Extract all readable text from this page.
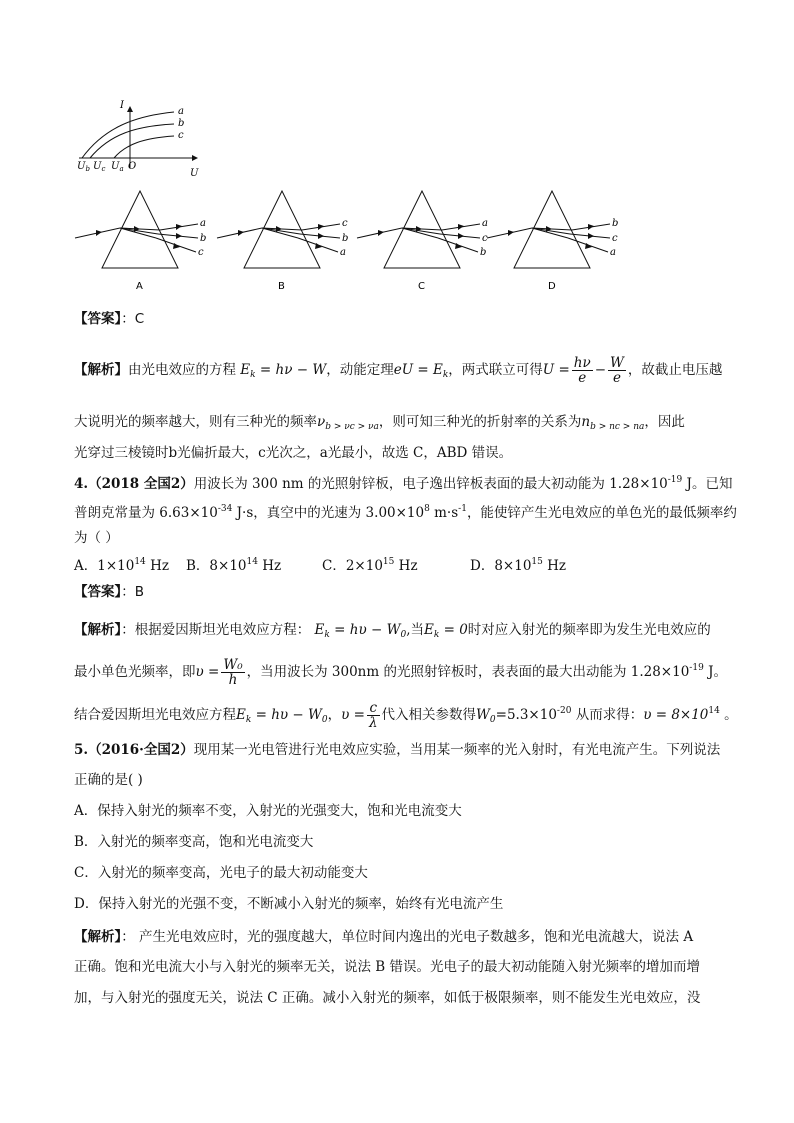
I
U
O
a
b
c
$U_b$ $U_c$ $U_a$
a
b
c
A
c
b
a
B
a
c
b
C
b
c
a
D
【答案】：C
【解析】由光电效应的方程 $E_k = h\nu - W$，动能定理eU = $E_k$，两式联立可得$U = \frac{h\nu}{e} - \frac{W}{e}$ ，故截止电压越
大说明光的频率越大，则有三种光的频率$\nu_{b > \nu c > \nu a}$，则可知三种光的折射率的关系为$n_{b > nc > na}$，因此
光穿过三棱镜时b光偏折最大，c光次之，a光最小，故选 C，ABD 错误。
4.（2018 全国2）用波长为 300 nm 的光照射锌板，电子逸出锌板表面的最大初动能为 $1.28\times 10^{-19}$ J。已知
普朗克常量为 $6.63\times 10^{-34}$ J·s，真空中的光速为 $3.00\times 10^8$ $m\cdot s^{-1}$，能使锌产生光电效应的单色光的最低频率约
为（ ）
A．$1\times 10^{14}$ Hz B．$8\times 10^{14}$ Hz	C．$2\times 10^{15}$ Hz	D．$8\times 10^{15}$ Hz
【答案】：B
【解析】：根据爱因斯坦光电效应方程： $E_k = h\upsilon - W_0$,当$E_k = 0$时对应入射光的频率即为发生光电效应的
最小单色光频率，即$\upsilon = \frac{\text{W₀}}{h}$ ，当用波长为 300nm 的光照射锌板时，表表面的最大出动能为 $1.28\times 10^{-19}$ J。
结合爱因斯坦光电效应方程$E_k = h\upsilon - W_0$，$\upsilon = \frac{c}{\lambda}$ 代入相关参数得$W_0=5.3\times 10^{-20}$ 从而求得：$\upsilon = 8\times 10^{14}$ 。
5.（2016·全国2）现用某一光电管进行光电效应实验，当用某一频率的光入射时，有光电流产生。下列说法
正确的是( )
A．保持入射光的频率不变，入射光的光强变大，饱和光电流变大
B．入射光的频率变高，饱和光电流变大
C．入射光的频率变高，光电子的最大初动能变大
D．保持入射光的光强不变，不断减小入射光的频率，始终有光电流产生
【解析】： 产生光电效应时，光的强度越大，单位时间内逸出的光电子数越多，饱和光电流越大，说法 A
正确。饱和光电流大小与入射光的频率无关，说法 B 错误。光电子的最大初动能随入射光频率的增加而增
加，与入射光的强度无关，说法 C 正确。减小入射光的频率，如低于极限频率，则不能发生光电效应，没
